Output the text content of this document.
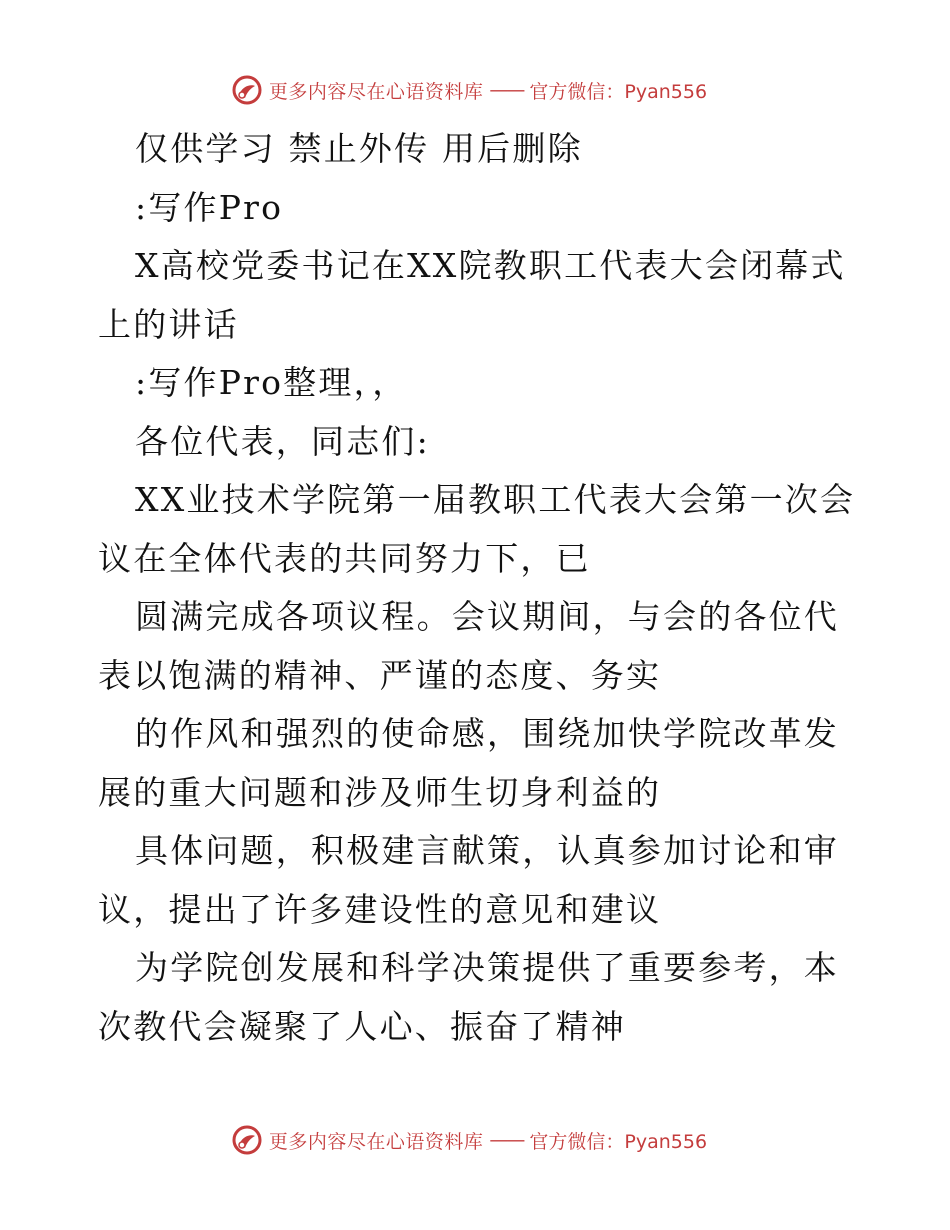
更多内容尽在心语资料库 —— 官方微信：Pyan556

仅供学习 禁止外传 用后删除

:写作Pro

X高校党委书记在XX院教职工代表大会闭幕式上的讲话

:写作Pro整理，，

各位代表，同志们:

XX业技术学院第一届教职工代表大会第一次会议在全体代表的共同努力下，已

圆满完成各项议程。会议期间，与会的各位代表以饱满的精神、严谨的态度、务实

的作风和强烈的使命感，围绕加快学院改革发展的重大问题和涉及师生切身利益的

具体问题，积极建言献策，认真参加讨论和审议，提出了许多建设性的意见和建议

为学院创发展和科学决策提供了重要参考，本次教代会凝聚了人心、振奋了精神

更多内容尽在心语资料库 —— 官方微信：Pyan556
